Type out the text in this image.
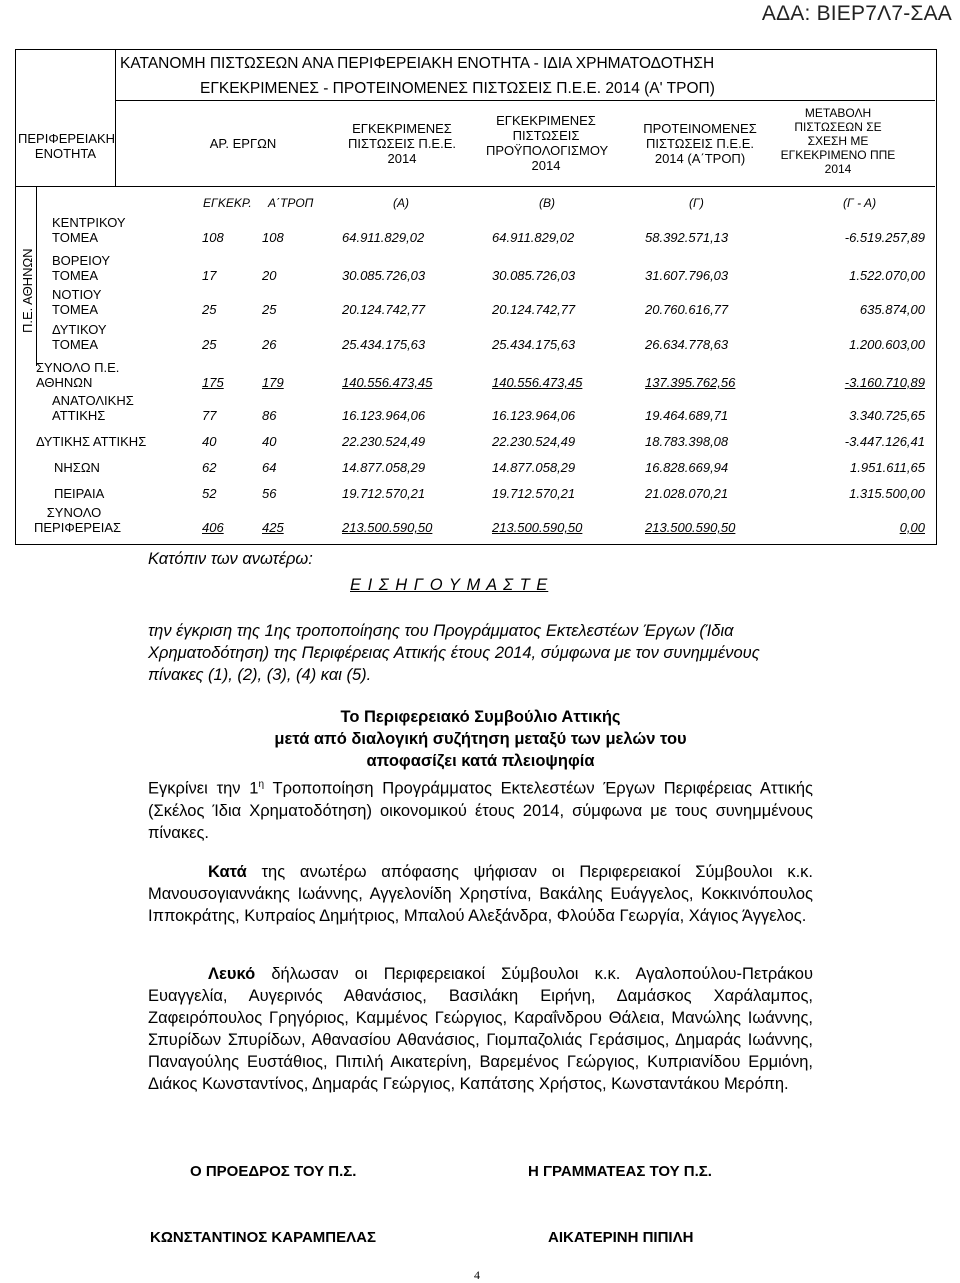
ΑΔΑ: ΒΙΕΡ7Λ7-ΣΑΑ
ΚΑΤΑΝΟΜΗ ΠΙΣΤΩΣΕΩΝ ΑΝΑ ΠΕΡΙΦΕΡΕΙΑΚΗ ΕΝΟΤΗΤΑ - ΙΔΙΑ ΧΡΗΜΑΤΟΔΟΤΗΣΗ
ΕΓΚΕΚΡΙΜΕΝΕΣ - ΠΡΟΤΕΙΝΟΜΕΝΕΣ ΠΙΣΤΩΣΕΙΣ Π.Ε.Ε. 2014 (Α' ΤΡΟΠ)
ΠΕΡΙΦΕΡΕΙΑΚΗ ΕΝΟΤΗΤΑ
ΑΡ. ΕΡΓΩΝ
ΕΓΚΕΚΡΙΜΕΝΕΣ ΠΙΣΤΩΣΕΙΣ Π.Ε.Ε. 2014
ΕΓΚΕΚΡΙΜΕΝΕΣ ΠΙΣΤΩΣΕΙΣ ΠΡΟΫΠΟΛΟΓΙΣΜΟΥ 2014
ΠΡΟΤΕΙΝΟΜΕΝΕΣ ΠΙΣΤΩΣΕΙΣ Π.Ε.Ε. 2014 (Α΄ΤΡΟΠ)
ΜΕΤΑΒΟΛΗ ΠΙΣΤΩΣΕΩΝ ΣΕ ΣΧΕΣΗ ΜΕ ΕΓΚΕΚΡΙΜΕΝΟ ΠΠΕ 2014
ΕΓΚΕΚΡ. Α΄ΤΡΟΠ	(Α)	(Β)	(Γ)	(Γ - Α)
Π.Ε. ΑΘΗΝΩΝ
ΚΕΝΤΡΙΚΟΥ
ΤΟΜΕΑ	108	108	64.911.829,02	64.911.829,02	58.392.571,13	-6.519.257,89
ΒΟΡΕΙΟΥ
ΤΟΜΕΑ	17	20	30.085.726,03	30.085.726,03	31.607.796,03	1.522.070,00
ΝΟΤΙΟΥ
ΤΟΜΕΑ	25	25	20.124.742,77	20.124.742,77	20.760.616,77	635.874,00
ΔΥΤΙΚΟΥ
ΤΟΜΕΑ	25	26	25.434.175,63	25.434.175,63	26.634.778,63	1.200.603,00
ΣΥΝΟΛΟ Π.Ε.
ΑΘΗΝΩΝ	175	179	140.556.473,45	140.556.473,45	137.395.762,56	-3.160.710,89
ΑΝΑΤΟΛΙΚΗΣ
ΑΤΤΙΚΗΣ	77	86	16.123.964,06	16.123.964,06	19.464.689,71	3.340.725,65
ΔΥΤΙΚΗΣ ΑΤΤΙΚΗΣ	40	40	22.230.524,49	22.230.524,49	18.783.398,08	-3.447.126,41
ΝΗΣΩΝ	62	64	14.877.058,29	14.877.058,29	16.828.669,94	1.951.611,65
ΠΕΙΡΑΙΑ	52	56	19.712.570,21	19.712.570,21	21.028.070,21	1.315.500,00
ΣΥΝΟΛΟ
ΠΕΡΙΦΕΡΕΙΑΣ	406	425	213.500.590,50	213.500.590,50	213.500.590,50	0,00
Κατόπιν των ανωτέρω:
Ε Ι Σ Η Γ Ο Υ Μ Α Σ Τ Ε
την έγκριση της 1ης τροποποίησης του Προγράμματος Εκτελεστέων Έργων (Ίδια Χρηματοδότηση) της Περιφέρειας Αττικής έτους 2014, σύμφωνα με τον συνημμένους πίνακες (1), (2), (3), (4) και (5).
Το Περιφερειακό Συμβούλιο Αττικής
μετά από διαλογική συζήτηση μεταξύ των μελών του
αποφασίζει κατά πλειοψηφία
Εγκρίνει την $1^\eta$ Τροποποίηση Προγράμματος Εκτελεστέων Έργων Περιφέρειας Αττικής (Σκέλος Ίδια Χρηματοδότηση) οικονομικού έτους 2014, σύμφωνα με τους συνημμένους πίνακες.
Κατά της ανωτέρω απόφασης ψήφισαν οι Περιφερειακοί Σύμβουλοι κ.κ. Μανουσογιαννάκης Ιωάννης, Αγγελονίδη Χρηστίνα, Βακάλης Ευάγγελος, Κοκκινόπουλος Ιπποκράτης, Κυπραίος Δημήτριος, Μπαλού Αλεξάνδρα, Φλούδα Γεωργία, Χάγιος Άγγελος.
Λευκό δήλωσαν οι Περιφερειακοί Σύμβουλοι κ.κ. Αγαλοπούλου-Πετράκου Ευαγγελία, Αυγερινός Αθανάσιος, Βασιλάκη Ειρήνη, Δαμάσκος Χαράλαμπος, Ζαφειρόπουλος Γρηγόριος, Καμμένος Γεώργιος, Καραΐνδρου Θάλεια, Μανώλης Ιωάννης, Σπυρίδων Σπυρίδων, Αθανασίου Αθανάσιος, Γιομπαζολιάς Γεράσιμος, Δημαράς Ιωάννης, Παναγούλης Ευστάθιος, Πιπιλή Αικατερίνη, Βαρεμένος Γεώργιος, Κυπριανίδου Ερμιόνη, Διάκος Κωνσταντίνος, Δημαράς Γεώργιος, Καπάτσης Χρήστος, Κωνσταντάκου Μερόπη.
Ο ΠΡΟΕΔΡΟΣ ΤΟΥ Π.Σ.	Η ΓΡΑΜΜΑΤΕΑΣ ΤΟΥ Π.Σ.
ΚΩΝΣΤΑΝΤΙΝΟΣ ΚΑΡΑΜΠΕΛΑΣ	ΑΙΚΑΤΕΡΙΝΗ ΠΙΠΙΛΗ
4
